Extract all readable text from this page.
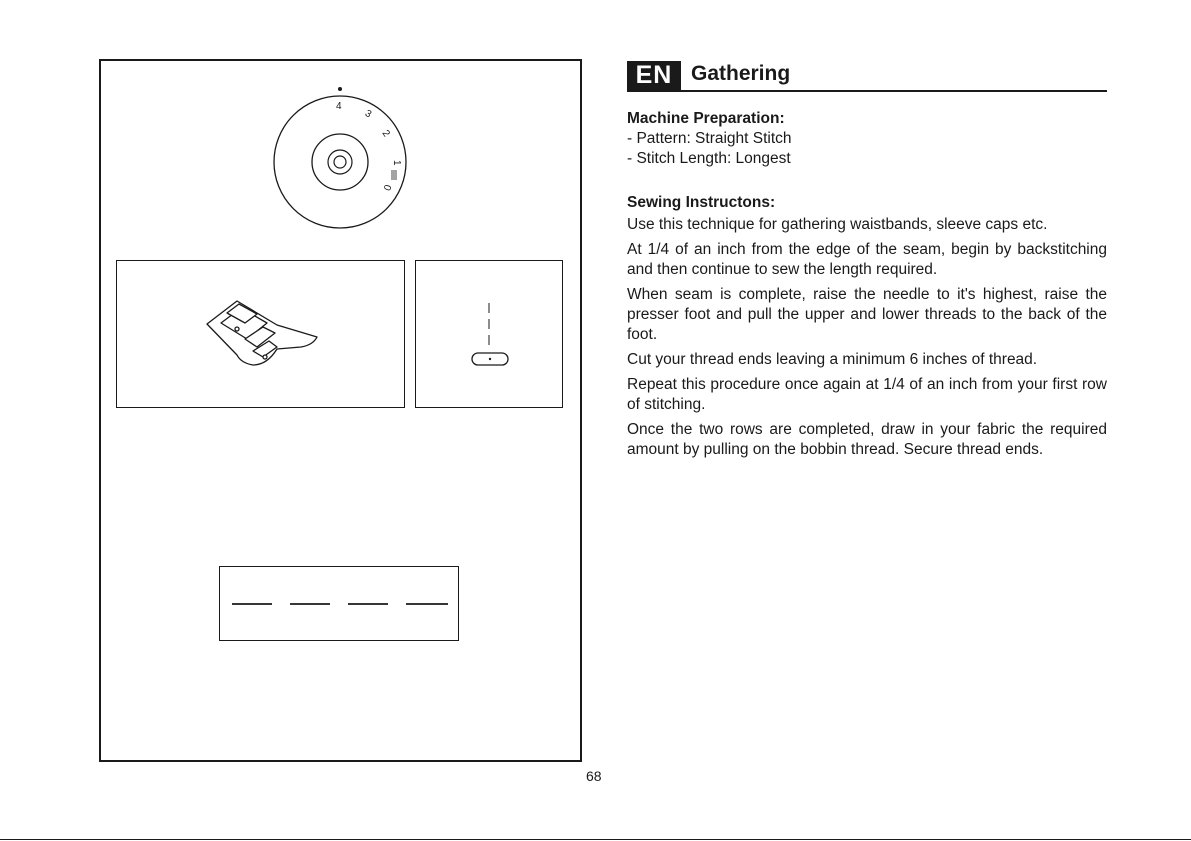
4
3
2
1
0
68
EN Gathering

Machine Preparation:

- Pattern: Straight Stitch

- Stitch Length: Longest

Sewing Instructons:

Use this technique for gathering waistbands, sleeve caps etc.

At 1/4 of an inch from the edge of the seam, begin by backstitching and then continue to sew the length required.

When seam is complete, raise the needle to it's highest, raise the presser foot and pull the upper and lower threads to the back of the foot.

Cut your thread ends leaving a minimum 6 inches of thread.

Repeat this procedure once again at 1/4 of an inch from your first row of stitching.

Once the two rows are completed, draw in your fabric the required amount by pulling on the bobbin thread. Secure thread ends.
